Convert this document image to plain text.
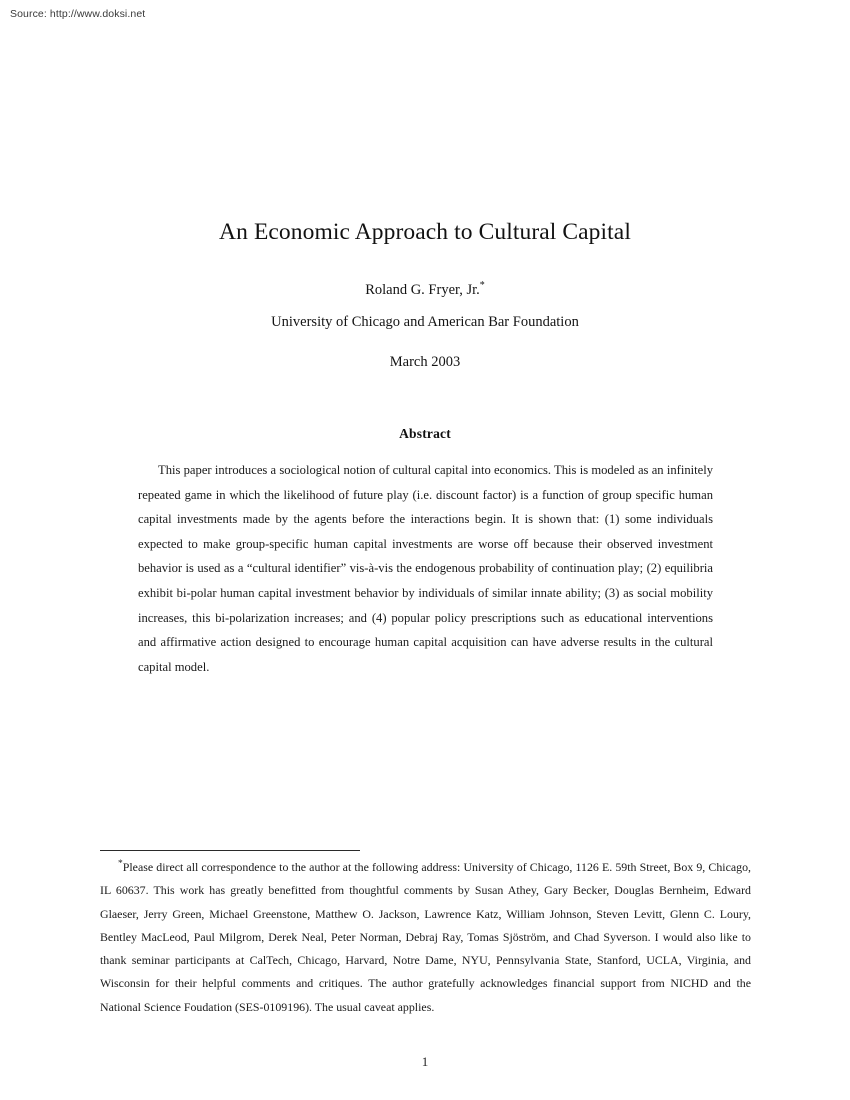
Source: http://www.doksi.net
An Economic Approach to Cultural Capital
Roland G. Fryer, Jr.*
University of Chicago and American Bar Foundation
March 2003
Abstract
This paper introduces a sociological notion of cultural capital into economics. This is modeled as an infinitely repeated game in which the likelihood of future play (i.e. discount factor) is a function of group specific human capital investments made by the agents before the interactions begin. It is shown that: (1) some individuals expected to make group-specific human capital investments are worse off because their observed investment behavior is used as a “cultural identifier” vis-à-vis the endogenous probability of continuation play; (2) equilibria exhibit bi-polar human capital investment behavior by individuals of similar innate ability; (3) as social mobility increases, this bi-polarization increases; and (4) popular policy prescriptions such as educational interventions and affirmative action designed to encourage human capital acquisition can have adverse results in the cultural capital model.
*Please direct all correspondence to the author at the following address: University of Chicago, 1126 E. 59th Street, Box 9, Chicago, IL 60637. This work has greatly benefitted from thoughtful comments by Susan Athey, Gary Becker, Douglas Bernheim, Edward Glaeser, Jerry Green, Michael Greenstone, Matthew O. Jackson, Lawrence Katz, William Johnson, Steven Levitt, Glenn C. Loury, Bentley MacLeod, Paul Milgrom, Derek Neal, Peter Norman, Debraj Ray, Tomas Sjöström, and Chad Syverson. I would also like to thank seminar participants at CalTech, Chicago, Harvard, Notre Dame, NYU, Pennsylvania State, Stanford, UCLA, Virginia, and Wisconsin for their helpful comments and critiques. The author gratefully acknowledges financial support from NICHD and the National Science Foudation (SES-0109196). The usual caveat applies.
1
